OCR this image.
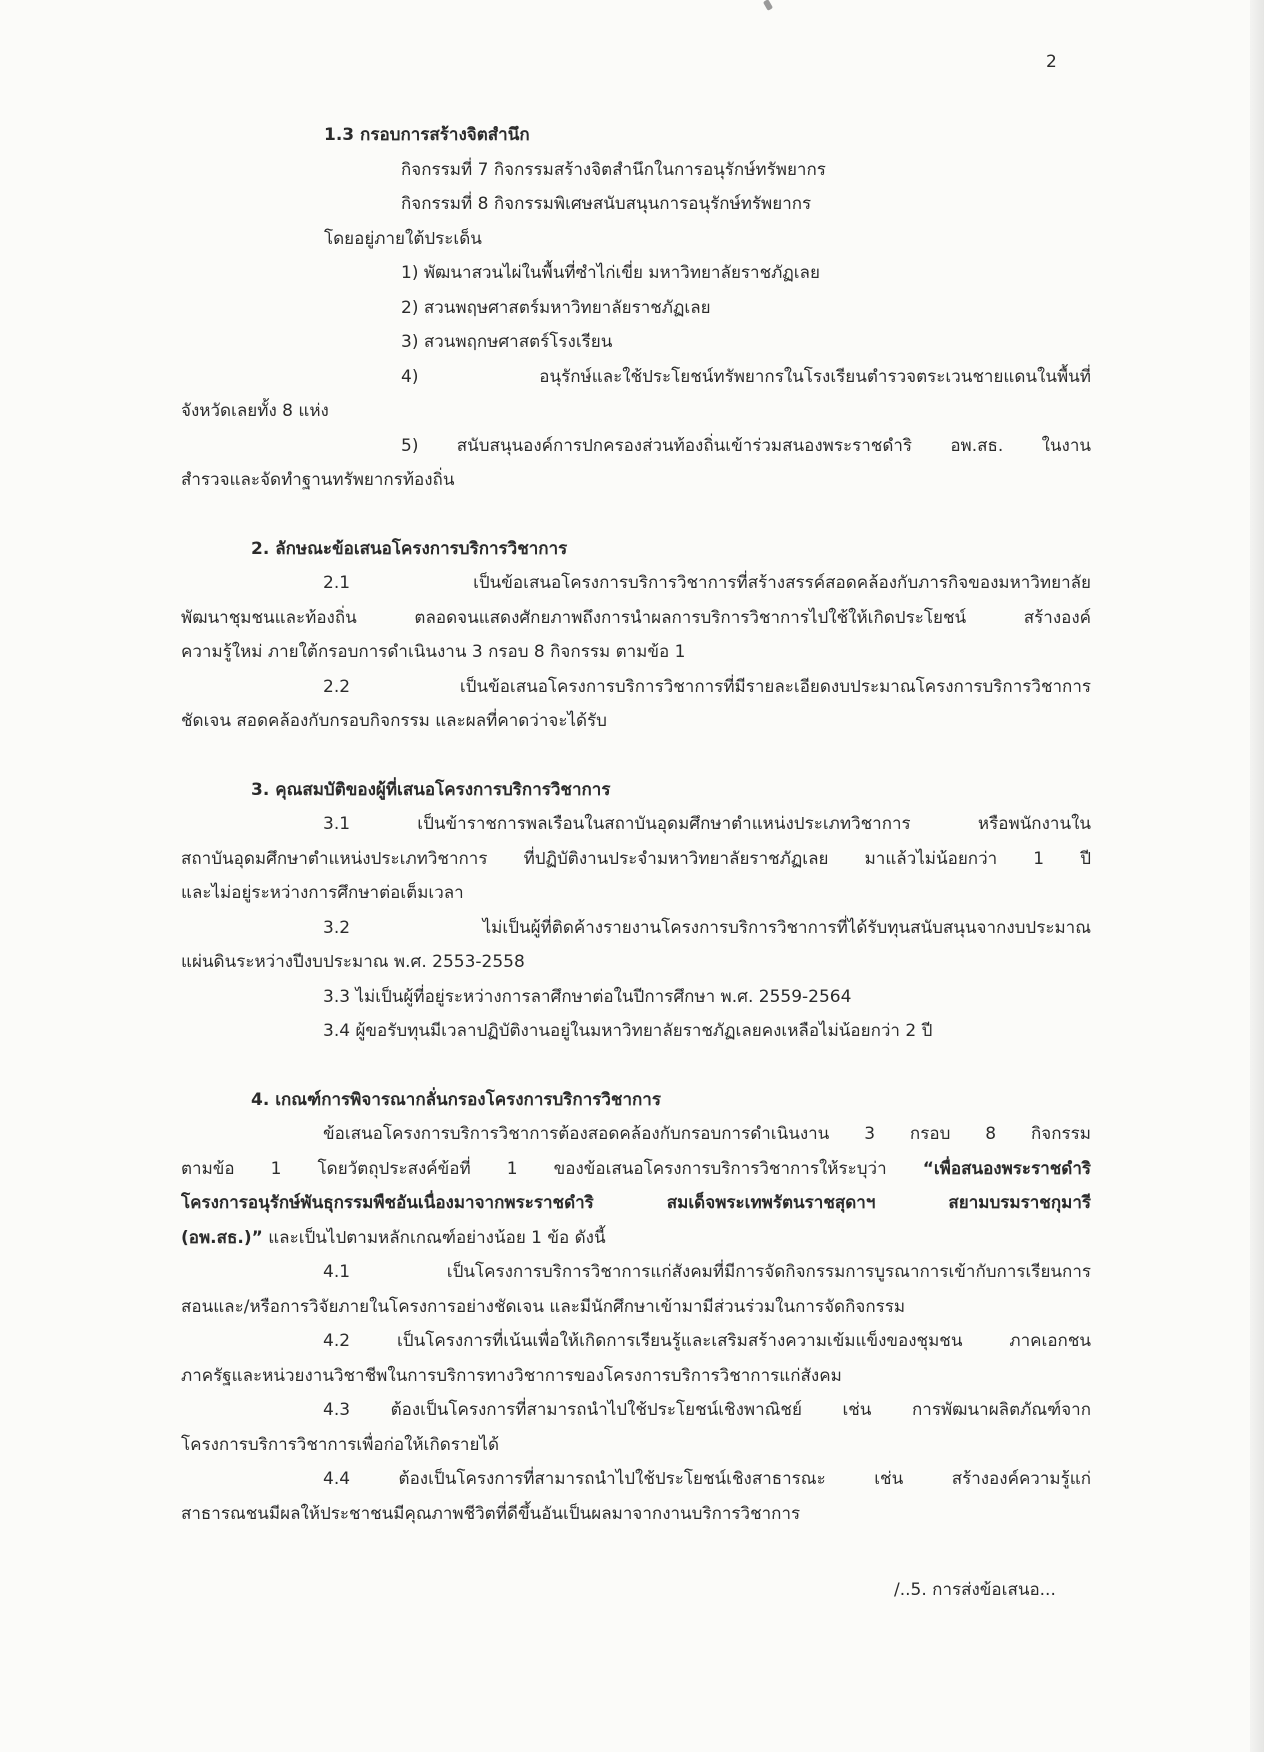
2
1.3 กรอบการสร้างจิตสำนึก
กิจกรรมที่ 7 กิจกรรมสร้างจิตสำนึกในการอนุรักษ์ทรัพยากร
กิจกรรมที่ 8 กิจกรรมพิเศษสนับสนุนการอนุรักษ์ทรัพยากร
โดยอยู่ภายใต้ประเด็น
1) พัฒนาสวนไผ่ในพื้นที่ซำไก่เขี่ย มหาวิทยาลัยราชภัฏเลย
2) สวนพฤษศาสตร์มหาวิทยาลัยราชภัฏเลย
3) สวนพฤกษศาสตร์โรงเรียน
4) อนุรักษ์และใช้ประโยชน์ทรัพยากรในโรงเรียนตำรวจตระเวนชายแดนในพื้นที่
จังหวัดเลยทั้ง 8 แห่ง
5) สนับสนุนองค์การปกครองส่วนท้องถิ่นเข้าร่วมสนองพระราชดำริ อพ.สธ. ในงาน
สำรวจและจัดทำฐานทรัพยากรท้องถิ่น
2. ลักษณะข้อเสนอโครงการบริการวิชาการ
2.1 เป็นข้อเสนอโครงการบริการวิชาการที่สร้างสรรค์สอดคล้องกับภารกิจของมหาวิทยาลัย
พัฒนาชุมชนและท้องถิ่น ตลอดจนแสดงศักยภาพถึงการนำผลการบริการวิชาการไปใช้ให้เกิดประโยชน์ สร้างองค์
ความรู้ใหม่ ภายใต้กรอบการดำเนินงาน 3 กรอบ 8 กิจกรรม ตามข้อ 1
2.2 เป็นข้อเสนอโครงการบริการวิชาการที่มีรายละเอียดงบประมาณโครงการบริการวิชาการ
ชัดเจน สอดคล้องกับกรอบกิจกรรม และผลที่คาดว่าจะได้รับ
3. คุณสมบัติของผู้ที่เสนอโครงการบริการวิชาการ
3.1 เป็นข้าราชการพลเรือนในสถาบันอุดมศึกษาตำแหน่งประเภทวิชาการ หรือพนักงานใน
สถาบันอุดมศึกษาตำแหน่งประเภทวิชาการ ที่ปฏิบัติงานประจำมหาวิทยาลัยราชภัฏเลย มาแล้วไม่น้อยกว่า 1 ปี
และไม่อยู่ระหว่างการศึกษาต่อเต็มเวลา
3.2 ไม่เป็นผู้ที่ติดค้างรายงานโครงการบริการวิชาการที่ได้รับทุนสนับสนุนจากงบประมาณ
แผ่นดินระหว่างปีงบประมาณ พ.ศ. 2553-2558
3.3 ไม่เป็นผู้ที่อยู่ระหว่างการลาศึกษาต่อในปีการศึกษา พ.ศ. 2559-2564
3.4 ผู้ขอรับทุนมีเวลาปฏิบัติงานอยู่ในมหาวิทยาลัยราชภัฏเลยคงเหลือไม่น้อยกว่า 2 ปี
4. เกณฑ์การพิจารณากลั่นกรองโครงการบริการวิชาการ
ข้อเสนอโครงการบริการวิชาการต้องสอดคล้องกับกรอบการดำเนินงาน 3 กรอบ 8 กิจกรรม
ตามข้อ 1 โดยวัตถุประสงค์ข้อที่ 1 ของข้อเสนอโครงการบริการวิชาการให้ระบุว่า “เพื่อสนองพระราชดำริ
โครงการอนุรักษ์พันธุกรรมพืชอันเนื่องมาจากพระราชดำริ สมเด็จพระเทพรัตนราชสุดาฯ สยามบรมราชกุมารี
(อพ.สธ.)” และเป็นไปตามหลักเกณฑ์อย่างน้อย 1 ข้อ ดังนี้
4.1 เป็นโครงการบริการวิชาการแก่สังคมที่มีการจัดกิจกรรมการบูรณาการเข้ากับการเรียนการ
สอนและ/หรือการวิจัยภายในโครงการอย่างชัดเจน และมีนักศึกษาเข้ามามีส่วนร่วมในการจัดกิจกรรม
4.2 เป็นโครงการที่เน้นเพื่อให้เกิดการเรียนรู้และเสริมสร้างความเข้มแข็งของชุมชน ภาคเอกชน
ภาครัฐและหน่วยงานวิชาชีพในการบริการทางวิชาการของโครงการบริการวิชาการแก่สังคม
4.3 ต้องเป็นโครงการที่สามารถนำไปใช้ประโยชน์เชิงพาณิชย์ เช่น การพัฒนาผลิตภัณฑ์จาก
โครงการบริการวิชาการเพื่อก่อให้เกิดรายได้
4.4 ต้องเป็นโครงการที่สามารถนำไปใช้ประโยชน์เชิงสาธารณะ เช่น สร้างองค์ความรู้แก่
สาธารณชนมีผลให้ประชาชนมีคุณภาพชีวิตที่ดีขึ้นอันเป็นผลมาจากงานบริการวิชาการ
/..5. การส่งข้อเสนอ...
